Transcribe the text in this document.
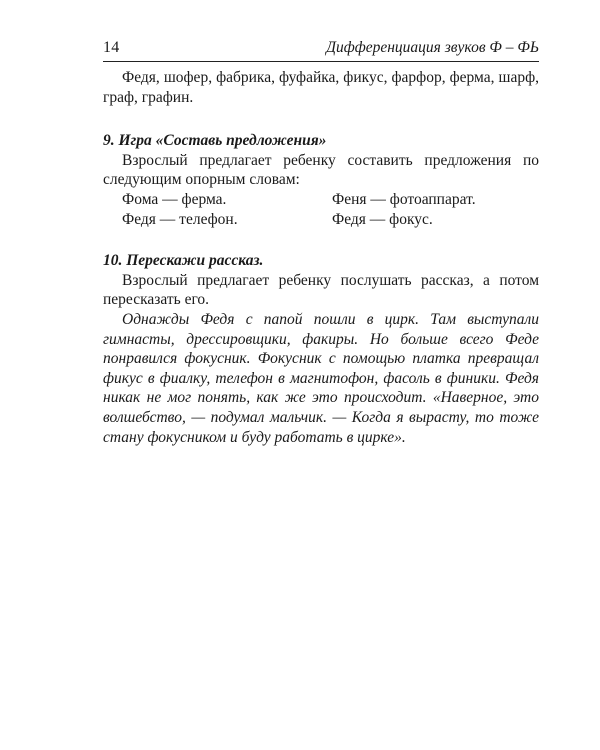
14	Дифференциация звуков Ф – ФЬ

Федя, шофер, фабрика, фуфайка, фикус, фарфор, ферма, шарф, граф, графин.

9. Игра «Составь предложения»

Взрослый предлагает ребенку составить предложения по следующим опорным словам:

Фома — ферма.	Феня — фотоаппарат.
Федя — телефон.	Федя — фокус.
10. Перескажи рассказ.

Взрослый предлагает ребенку послушать рассказ, а потом пересказать его.

Однажды Федя с папой пошли в цирк. Там выступали гимнасты, дрессировщики, факиры. Но больше всего Феде понравился фокусник. Фокусник с помощью платка превращал фикус в фиалку, телефон в магнитофон, фасоль в финики. Федя никак не мог понять, как же это происходит. «Наверное, это волшебство, — подумал мальчик. — Когда я вырасту, то тоже стану фокусником и буду работать в цирке».
